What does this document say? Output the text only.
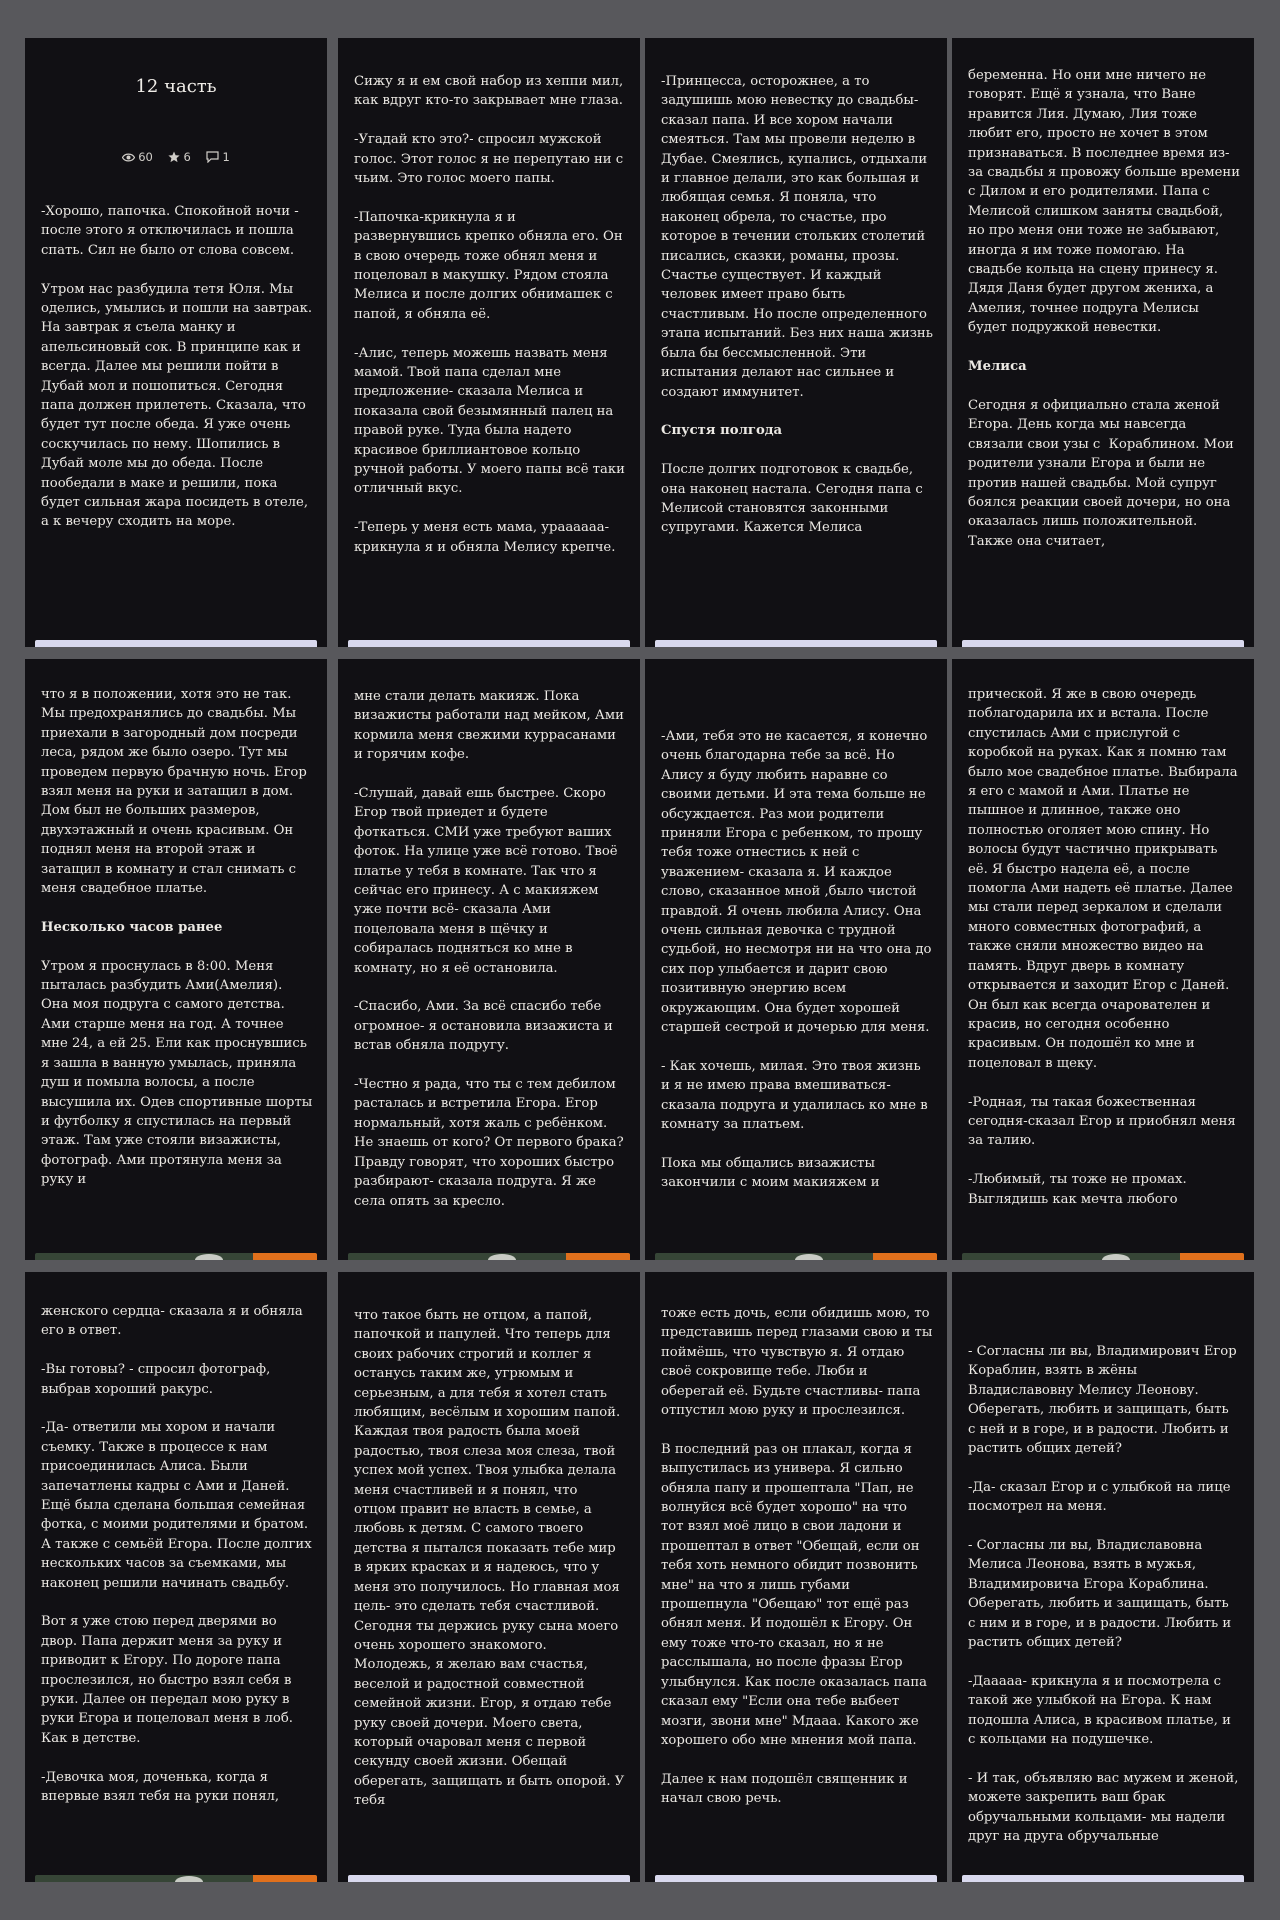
12 часть
60	6	1
-Хорошо, папочка. Спокойной ночи - после этого я отключилась и пошла спать. Сил не было от слова совсем.
Утром нас разбудила тетя Юля. Мы оделись, умылись и пошли на завтрак. На завтрак я съела манку и апельсиновый сок. В принципе как и всегда. Далее мы решили пойти в Дубай мол и пошопиться. Сегодня папа должен прилететь. Сказала, что будет тут после обеда. Я уже очень соскучилась по нему. Шопились в Дубай моле мы до обеда. После пообедали в маке и решили, пока будет сильная жара посидеть в отеле, а к вечеру сходить на море.
Сижу я и ем свой набор из хеппи мил, как вдруг кто-то закрывает мне глаза.
-Угадай кто это?- спросил мужской голос. Этот голос я не перепутаю ни с чьим. Это голос моего папы.
-Папочка-крикнула я и развернувшись крепко обняла его. Он в свою очередь тоже обнял меня и поцеловал в макушку. Рядом стояла Мелиса и после долгих обнимашек с папой, я обняла её.
-Алис, теперь можешь назвать меня мамой. Твой папа сделал мне предложение- сказала Мелиса и показала свой безымянный палец на правой руке. Туда была надето красивое бриллиантовое кольцо ручной работы. У моего папы всё таки отличный вкус.
-Теперь у меня есть мама, ураааааа- крикнула я и обняла Мелису крепче.
-Принцесса, осторожнее, а то задушишь мою невестку до свадьбы- сказал папа. И все хором начали смеяться. Там мы провели неделю в Дубае. Смеялись, купались, отдыхали и главное делали, это как большая и любящая семья. Я поняла, что наконец обрела, то счастье, про которое в течении стольких столетий писались, сказки, романы, прозы. Счастье существует. И каждый человек имеет право быть счастливым. Но после определенного этапа испытаний. Без них наша жизнь была бы бессмысленной. Эти испытания делают нас сильнее и создают иммунитет.
Спустя полгода
После долгих подготовок к свадьбе, она наконец настала. Сегодня папа с Мелисой становятся законными супругами. Кажется Мелиса
беременна. Но они мне ничего не говорят. Ещё я узнала, что Ване нравится Лия. Думаю, Лия тоже любит его, просто не хочет в этом признаваться. В последнее время из-за свадьбы я провожу больше времени с Дилом и его родителями. Папа с Мелисой слишком заняты свадьбой, но про меня они тоже не забывают, иногда я им тоже помогаю. На свадьбе кольца на сцену принесу я. Дядя Даня будет другом жениха, а Амелия, точнее подруга Мелисы будет подружкой невестки.
Мелиса
Сегодня я официально стала женой Егора. День когда мы навсегда связали свои узы с  Кораблином. Мои родители узнали Егора и были не против нашей свадьбы. Мой супруг боялся реакции своей дочери, но она оказалась лишь положительной. Также она считает,
что я в положении, хотя это не так. Мы предохранялись до свадьбы. Мы приехали в загородный дом посреди леса, рядом же было озеро. Тут мы проведем первую брачную ночь. Егор взял меня на руки и затащил в дом. Дом был не больших размеров, двухэтажный и очень красивым. Он поднял меня на второй этаж и затащил в комнату и стал снимать с меня свадебное платье.
Несколько часов ранее
Утром я проснулась в 8:00. Меня пыталась разбудить Ами(Амелия). Она моя подруга с самого детства. Ами старше меня на год. А точнее мне 24, а ей 25. Ели как проснувшись я зашла в ванную умылась, приняла душ и помыла волосы, а после высушила их. Одев спортивные шорты и футболку я спустилась на первый этаж. Там уже стояли визажисты, фотограф. Ами протянула меня за руку и
мне стали делать макияж. Пока визажисты работали над мейком, Ами кормила меня свежими куррасанами и горячим кофе.
-Слушай, давай ешь быстрее. Скоро Егор твой приедет и будете фоткаться. СМИ уже требуют ваших фоток. На улице уже всё готово. Твоё платье у тебя в комнате. Так что я сейчас его принесу. А с макияжем уже почти всё- сказала Ами поцеловала меня в щёчку и собиралась подняться ко мне в комнату, но я её остановила.
-Спасибо, Ами. За всё спасибо тебе огромное- я остановила визажиста и встав обняла подругу.
-Честно я рада, что ты с тем дебилом расталась и встретила Егора. Егор нормальный, хотя жаль с ребёнком. Не знаешь от кого? От первого брака? Правду говорят, что хороших быстро разбирают- сказала подруга. Я же села опять за кресло.
-Ами, тебя это не касается, я конечно очень благодарна тебе за всё. Но Алису я буду любить наравне со своими детьми. И эта тема больше не обсуждается. Раз мои родители приняли Егора с ребенком, то прошу тебя тоже отнестись к ней с уважением- сказала я. И каждое слово, сказанное мной ,было чистой правдой. Я очень любила Алису. Она очень сильная девочка с трудной судьбой, но несмотря ни на что она до сих пор улыбается и дарит свою позитивную энергию всем окружающим. Она будет хорошей старшей сестрой и дочерью для меня.
- Как хочешь, милая. Это твоя жизнь и я не имею права вмешиваться- сказала подруга и удалилась ко мне в комнату за платьем.
Пока мы общались визажисты закончили с моим макияжем и
прической. Я же в свою очередь поблагодарила их и встала. После спустилась Ами с прислугой с коробкой на руках. Как я помню там было мое свадебное платье. Выбирала я его с мамой и Ами. Платье не пышное и длинное, также оно полностью оголяет мою спину. Но волосы будут частично прикрывать её. Я быстро надела её, а после помогла Ами надеть её платье. Далее мы стали перед зеркалом и сделали много совместных фотографий, а также сняли множество видео на память. Вдруг дверь в комнату открывается и заходит Егор с Даней. Он был как всегда очарователен и красив, но сегодня особенно красивым. Он подошёл ко мне и поцеловал в щеку.
-Родная, ты такая божественная сегодня-сказал Егор и приобнял меня за талию.
-Любимый, ты тоже не промах. Выглядишь как мечта любого
женского сердца- сказала я и обняла его в ответ.
-Вы готовы? - спросил фотограф, выбрав хороший ракурс.
-Да- ответили мы хором и начали съемку. Также в процессе к нам присоединилась Алиса. Были запечатлены кадры с Ами и Даней. Ещё была сделана большая семейная фотка, с моими родителями и братом. А также с семьёй Егора. После долгих нескольких часов за съемками, мы наконец решили начинать свадьбу.
Вот я уже стою перед дверями во двор. Папа держит меня за руку и приводит к Егору. По дороге папа прослезился, но быстро взял себя в руки. Далее он передал мою руку в руки Егора и поцеловал меня в лоб. Как в детстве.
-Девочка моя, доченька, когда я впервые взял тебя на руки понял,
что такое быть не отцом, а папой, папочкой и папулей. Что теперь для своих рабочих строгий и коллег я останусь таким же, угрюмым и серьезным, а для тебя я хотел стать любящим, весёлым и хорошим папой. Каждая твоя радость была моей радостью, твоя слеза моя слеза, твой успех мой успех. Твоя улыбка делала меня счастливей и я понял, что   отцом правит не власть в семье, а любовь к детям. С самого твоего детства я пытался показать тебе мир в ярких красках и я надеюсь, что у меня это получилось. Но главная моя цель- это сделать тебя счастливой. Сегодня ты держись руку сына моего очень хорошего знакомого. Молодежь, я желаю вам счастья, веселой и радостной совместной семейной жизни. Егор, я отдаю тебе руку своей дочери. Моего света, который очаровал меня с первой секунду своей жизни. Обещай оберегать, защищать и быть опорой. У тебя
тоже есть дочь, если обидишь мою, то представишь перед глазами свою и ты поймёшь, что чувствую я. Я отдаю своё сокровище тебе. Люби и оберегай её. Будьте счастливы- папа отпустил мою руку и прослезился.
В последний раз он плакал, когда я выпустилась из универа. Я сильно обняла папу и прошептала "Пап, не волнуйся всё будет хорошо" на что тот взял моё лицо в свои ладони и прошептал в ответ "Обещай, если он тебя хоть немного обидит позвонить мне" на что я лишь губами прошепнула "Обещаю" тот ещё раз обнял меня. И подошёл к Егору. Он ему тоже что-то сказал, но я не расслышала, но после фразы Егор улыбнулся. Как после оказалась папа сказал ему "Если она тебе выбеет мозги, звони мне" Мдааа. Какого же хорошего обо мне мнения мой папа.
Далее к нам подошёл священник и начал свою речь.
- Согласны ли вы, Владимирович Егор Кораблин, взять в жёны Владиславовну Мелису Леонову. Оберегать, любить и защищать, быть с ней и в горе, и в радости. Любить и растить общих детей?
-Да- сказал Егор и с улыбкой на лице посмотрел на меня.
- Согласны ли вы, Владиславовна Мелиса Леонова, взять в мужья, Владимировича Егора Кораблина. Оберегать, любить и защищать, быть с ним и в горе, и в радости. Любить и растить общих детей?
-Дааааа- крикнула я и посмотрела с такой же улыбкой на Егора. К нам подошла Алиса, в красивом платье, и с кольцами на подушечке.
- И так, объявляю вас мужем и женой, можете закрепить ваш брак обручальными кольцами- мы надели друг на друга обручальные
